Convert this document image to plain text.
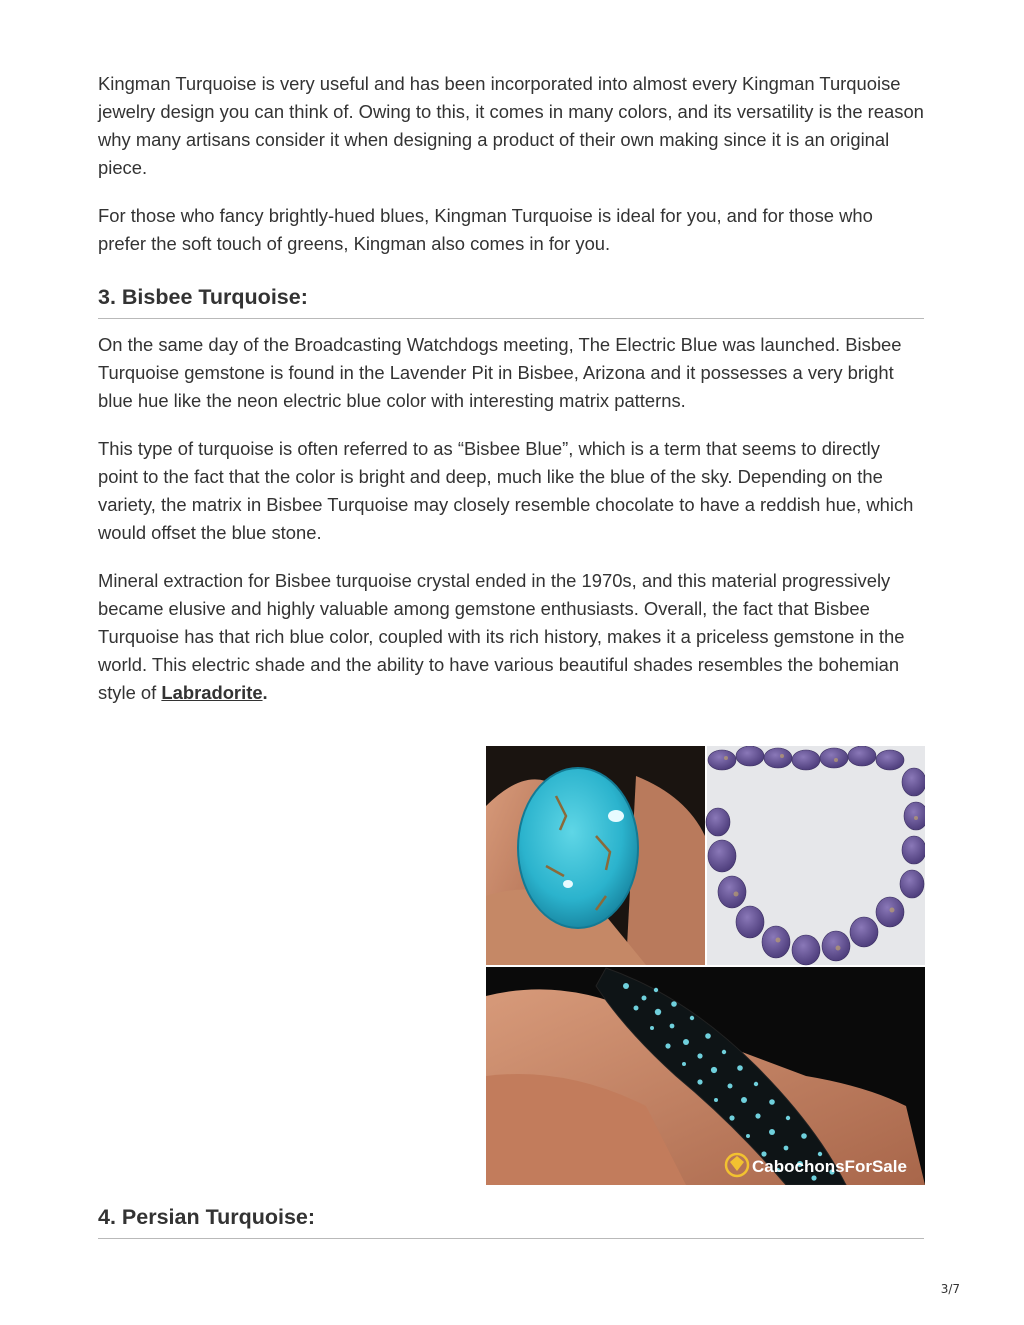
Kingman Turquoise is very useful and has been incorporated into almost every Kingman Turquoise jewelry design you can think of. Owing to this, it comes in many colors, and its versatility is the reason why many artisans consider it when designing a product of their own making since it is an original piece.

For those who fancy brightly-hued blues, Kingman Turquoise is ideal for you, and for those who prefer the soft touch of greens, Kingman also comes in for you.

3. Bisbee Turquoise:

On the same day of the Broadcasting Watchdogs meeting, The Electric Blue was launched. Bisbee Turquoise gemstone is found in the Lavender Pit in Bisbee, Arizona and it possesses a very bright blue hue like the neon electric blue color with interesting matrix patterns.

This type of turquoise is often referred to as “Bisbee Blue”, which is a term that seems to directly point to the fact that the color is bright and deep, much like the blue of the sky. Depending on the variety, the matrix in Bisbee Turquoise may closely resemble chocolate to have a reddish hue, which would offset the blue stone.

Mineral extraction for Bisbee turquoise crystal ended in the 1970s, and this material progressively became elusive and highly valuable among gemstone enthusiasts. Overall, the fact that Bisbee Turquoise has that rich blue color, coupled with its rich history, makes it a priceless gemstone in the world. This electric shade and the ability to have various beautiful shades resembles the bohemian style of Labradorite.

CabochonsForSale
4. Persian Turquoise:
3/7
